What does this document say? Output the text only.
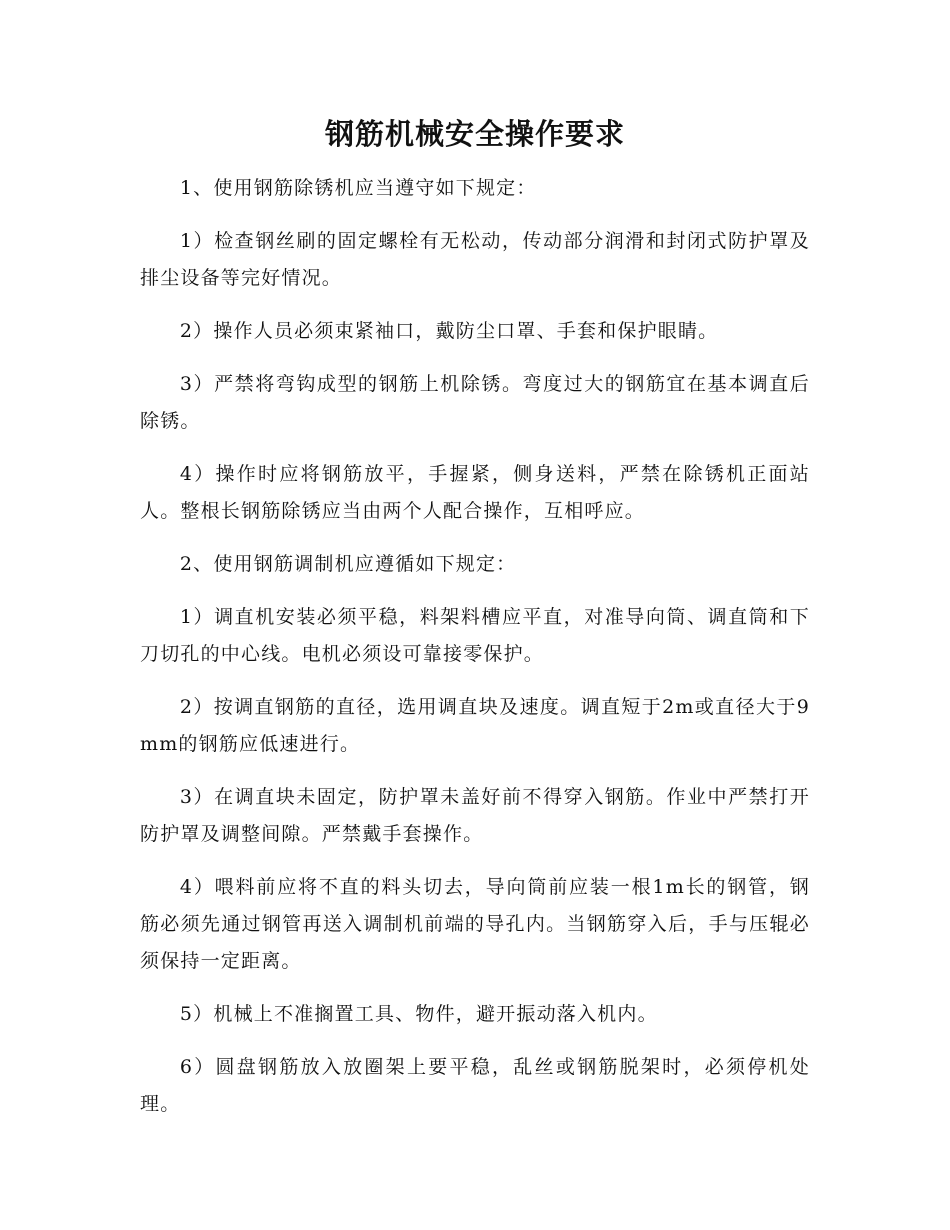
钢筋机械安全操作要求

1、使用钢筋除锈机应当遵守如下规定：

1）检查钢丝刷的固定螺栓有无松动，传动部分润滑和封闭式防护罩及排尘设备等完好情况。

2）操作人员必须束紧袖口，戴防尘口罩、手套和保护眼睛。

3）严禁将弯钩成型的钢筋上机除锈。弯度过大的钢筋宜在基本调直后除锈。

4）操作时应将钢筋放平，手握紧，侧身送料，严禁在除锈机正面站人。整根长钢筋除锈应当由两个人配合操作，互相呼应。

2、使用钢筋调制机应遵循如下规定：

1）调直机安装必须平稳，料架料槽应平直，对准导向筒、调直筒和下刀切孔的中心线。电机必须设可靠接零保护。

2）按调直钢筋的直径，选用调直块及速度。调直短于2m或直径大于9mm的钢筋应低速进行。

3）在调直块未固定，防护罩未盖好前不得穿入钢筋。作业中严禁打开防护罩及调整间隙。严禁戴手套操作。

4）喂料前应将不直的料头切去，导向筒前应装一根1m长的钢管，钢筋必须先通过钢管再送入调制机前端的导孔内。当钢筋穿入后，手与压辊必须保持一定距离。

5）机械上不准搁置工具、物件，避开振动落入机内。

6）圆盘钢筋放入放圈架上要平稳，乱丝或钢筋脱架时，必须停机处理。
